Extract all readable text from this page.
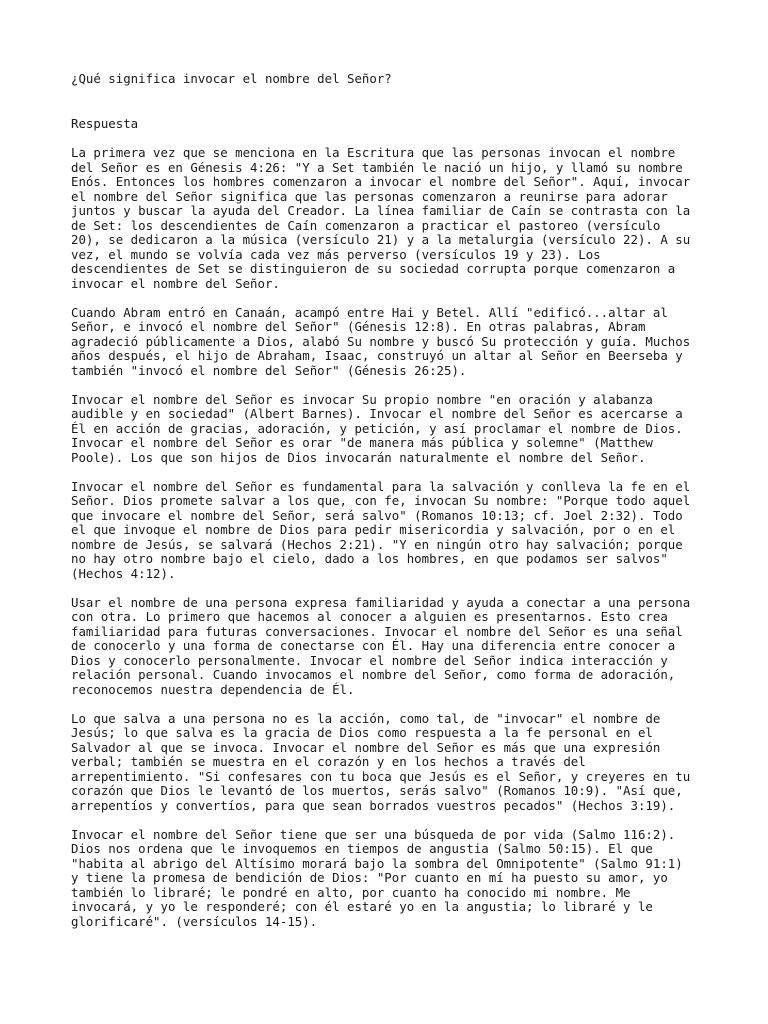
¿Qué significa invocar el nombre del Señor?
Respuesta
La primera vez que se menciona en la Escritura que las personas invocan el nombre
del Señor es en Génesis 4:26: "Y a Set también le nació un hijo, y llamó su nombre
Enós. Entonces los hombres comenzaron a invocar el nombre del Señor". Aquí, invocar
el nombre del Señor significa que las personas comenzaron a reunirse para adorar
juntos y buscar la ayuda del Creador. La línea familiar de Caín se contrasta con la
de Set: los descendientes de Caín comenzaron a practicar el pastoreo (versículo
20), se dedicaron a la música (versículo 21) y a la metalurgia (versículo 22). A su
vez, el mundo se volvía cada vez más perverso (versículos 19 y 23). Los
descendientes de Set se distinguieron de su sociedad corrupta porque comenzaron a
invocar el nombre del Señor.
Cuando Abram entró en Canaán, acampó entre Hai y Betel. Allí "edificó...altar al
Señor, e invocó el nombre del Señor" (Génesis 12:8). En otras palabras, Abram
agradeció públicamente a Dios, alabó Su nombre y buscó Su protección y guía. Muchos
años después, el hijo de Abraham, Isaac, construyó un altar al Señor en Beerseba y
también "invocó el nombre del Señor" (Génesis 26:25).
Invocar el nombre del Señor es invocar Su propio nombre "en oración y alabanza
audible y en sociedad" (Albert Barnes). Invocar el nombre del Señor es acercarse a
Él en acción de gracias, adoración, y petición, y así proclamar el nombre de Dios.
Invocar el nombre del Señor es orar "de manera más pública y solemne" (Matthew
Poole). Los que son hijos de Dios invocarán naturalmente el nombre del Señor.
Invocar el nombre del Señor es fundamental para la salvación y conlleva la fe en el
Señor. Dios promete salvar a los que, con fe, invocan Su nombre: "Porque todo aquel
que invocare el nombre del Señor, será salvo" (Romanos 10:13; cf. Joel 2:32). Todo
el que invoque el nombre de Dios para pedir misericordia y salvación, por o en el
nombre de Jesús, se salvará (Hechos 2:21). "Y en ningún otro hay salvación; porque
no hay otro nombre bajo el cielo, dado a los hombres, en que podamos ser salvos"
(Hechos 4:12).
Usar el nombre de una persona expresa familiaridad y ayuda a conectar a una persona
con otra. Lo primero que hacemos al conocer a alguien es presentarnos. Esto crea
familiaridad para futuras conversaciones. Invocar el nombre del Señor es una señal
de conocerlo y una forma de conectarse con Él. Hay una diferencia entre conocer a
Dios y conocerlo personalmente. Invocar el nombre del Señor indica interacción y
relación personal. Cuando invocamos el nombre del Señor, como forma de adoración,
reconocemos nuestra dependencia de Él.
Lo que salva a una persona no es la acción, como tal, de "invocar" el nombre de
Jesús; lo que salva es la gracia de Dios como respuesta a la fe personal en el
Salvador al que se invoca. Invocar el nombre del Señor es más que una expresión
verbal; también se muestra en el corazón y en los hechos a través del
arrepentimiento. "Si confesares con tu boca que Jesús es el Señor, y creyeres en tu
corazón que Dios le levantó de los muertos, serás salvo" (Romanos 10:9). "Así que,
arrepentíos y convertíos, para que sean borrados vuestros pecados" (Hechos 3:19).
Invocar el nombre del Señor tiene que ser una búsqueda de por vida (Salmo 116:2).
Dios nos ordena que le invoquemos en tiempos de angustia (Salmo 50:15). El que
"habita al abrigo del Altísimo morará bajo la sombra del Omnipotente" (Salmo 91:1)
y tiene la promesa de bendición de Dios: "Por cuanto en mí ha puesto su amor, yo
también lo libraré; le pondré en alto, por cuanto ha conocido mi nombre. Me
invocará, y yo le responderé; con él estaré yo en la angustia; lo libraré y le
glorificaré". (versículos 14-15).
